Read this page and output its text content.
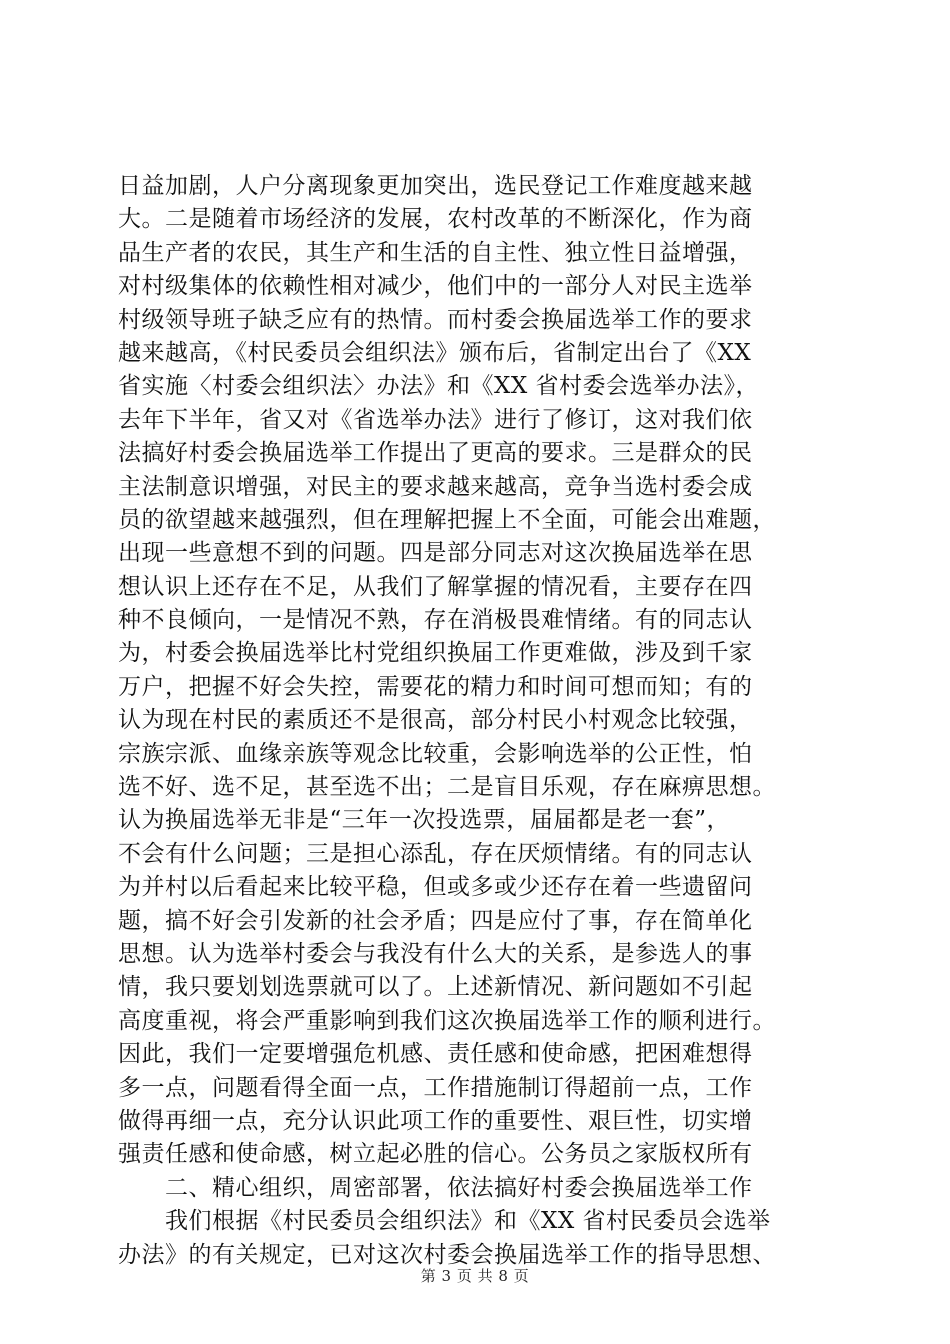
日益加剧，人户分离现象更加突出，选民登记工作难度越来越
大。二是随着市场经济的发展，农村改革的不断深化，作为商
品生产者的农民，其生产和生活的自主性、独立性日益增强，
对村级集体的依赖性相对减少，他们中的一部分人对民主选举
村级领导班子缺乏应有的热情。而村委会换届选举工作的要求
越来越高，《村民委员会组织法》颁布后，省制定出台了《XX
省实施〈村委会组织法〉办法》和《XX 省村委会选举办法》，
去年下半年，省又对《省选举办法》进行了修订，这对我们依
法搞好村委会换届选举工作提出了更高的要求。三是群众的民
主法制意识增强，对民主的要求越来越高，竞争当选村委会成
员的欲望越来越强烈，但在理解把握上不全面，可能会出难题，
出现一些意想不到的问题。四是部分同志对这次换届选举在思
想认识上还存在不足，从我们了解掌握的情况看，主要存在四
种不良倾向，一是情况不熟，存在消极畏难情绪。有的同志认
为，村委会换届选举比村党组织换届工作更难做，涉及到千家
万户，把握不好会失控，需要花的精力和时间可想而知；有的
认为现在村民的素质还不是很高，部分村民小村观念比较强，
宗族宗派、血缘亲族等观念比较重，会影响选举的公正性，怕
选不好、选不足，甚至选不出；二是盲目乐观，存在麻痹思想。
认为换届选举无非是“三年一次投选票，届届都是老一套”，
不会有什么问题；三是担心添乱，存在厌烦情绪。有的同志认
为并村以后看起来比较平稳，但或多或少还存在着一些遗留问
题，搞不好会引发新的社会矛盾；四是应付了事，存在简单化
思想。认为选举村委会与我没有什么大的关系，是参选人的事
情，我只要划划选票就可以了。上述新情况、新问题如不引起
高度重视，将会严重影响到我们这次换届选举工作的顺利进行。
因此，我们一定要增强危机感、责任感和使命感，把困难想得
多一点，问题看得全面一点，工作措施制订得超前一点，工作
做得再细一点，充分认识此项工作的重要性、艰巨性，切实增
强责任感和使命感，树立起必胜的信心。公务员之家版权所有
　　二、精心组织，周密部署，依法搞好村委会换届选举工作
　　我们根据《村民委员会组织法》和《XX 省村民委员会选举
办法》的有关规定，已对这次村委会换届选举工作的指导思想、
第 3 页 共 8 页
